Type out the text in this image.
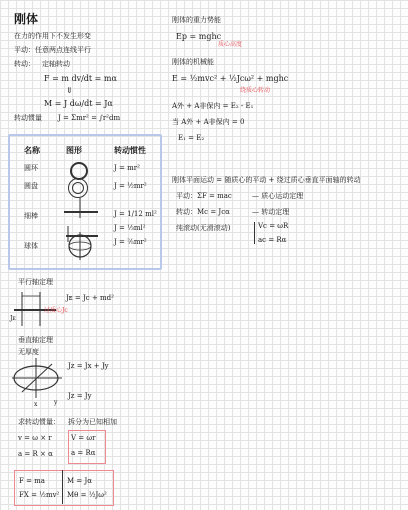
刚体
在力的作用下不发生形变
平动：任意两点连线平行
转动： 定轴转动
F = m dv/dt = mα
⇓
M = J dω/dt = Jα
转动惯量 J = Σmr² = ∫r²dm
名称	图形	转动惯性
圆环	J = mr²
圆盘	J = ½mr²
细棒	J = 1/12 ml²
J = ⅓ml²
球体	J = ⅖mr²
平行轴定理
Jᴇ
Jᴇ = Jc + md²
过质心Jc
垂直轴定理
无厚度
x	y
Jz = Jx + Jy
Jz = Jy
求转动惯量： 拆分为已知相加
v = ω × r
a = R × α
V = ωr
a = Rα
F = ma	M = Jα
FX = ½mv² Mθ = ½Jω²
刚体的重力势能
Ep = mghc
质心高度
刚体的机械能
E = ½mvc² + ½Jcω² + mghc
绕质心转动
A外 + A非保内 = E₂ - E₁
当 A外 + A非保内 = 0
E₁ = E₂
刚体平面运动 = 随质心的平动 + 绕过质心垂直平面轴的转动
平动：ΣF = mac	— 质心运动定理
转动：Mc = Jcα	— 转动定理
纯滚动(无滑滚动)	Vc = ωR
ac = Rα
